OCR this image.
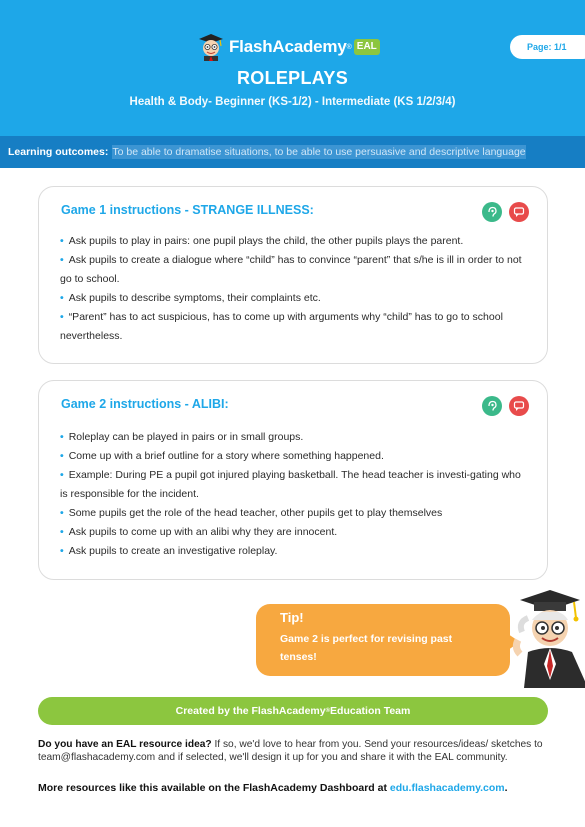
FlashAcademy ® EAL	Page: 1/1
ROLEPLAYS
Health & Body- Beginner (KS-1/2) - Intermediate (KS 1/2/3/4)
Learning outcomes: To be able to dramatise situations, to be able to use persuasive and descriptive language
Game 1 instructions - STRANGE ILLNESS:
• Ask pupils to play in pairs: one pupil plays the child, the other pupils plays the parent.
• Ask pupils to create a dialogue where “child” has to convince “parent” that s/he is ill in order to not go to school.
• Ask pupils to describe symptoms, their complaints etc.
• “Parent” has to act suspicious, has to come up with arguments why “child” has to go to school nevertheless.
Game 2 instructions - ALIBI:
• Roleplay can be played in pairs or in small groups.
• Come up with a brief outline for a story where something happened.
• Example: During PE a pupil got injured playing basketball. The head teacher is investi-gating who is responsible for the incident.
• Some pupils get the role of the head teacher, other pupils get to play themselves
• Ask pupils to come up with an alibi why they are innocent.
• Ask pupils to create an investigative roleplay.
Tip!
Game 2 is perfect for revising past tenses!
Created by the FlashAcademy ® Education Team
Do you have an EAL resource idea? If so, we'd love to hear from you. Send your resources/ideas/ sketches to team@flashacademy.com and if selected, we'll design it up for you and share it with the EAL community.
More resources like this available on the FlashAcademy Dashboard at edu.flashacademy.com.
